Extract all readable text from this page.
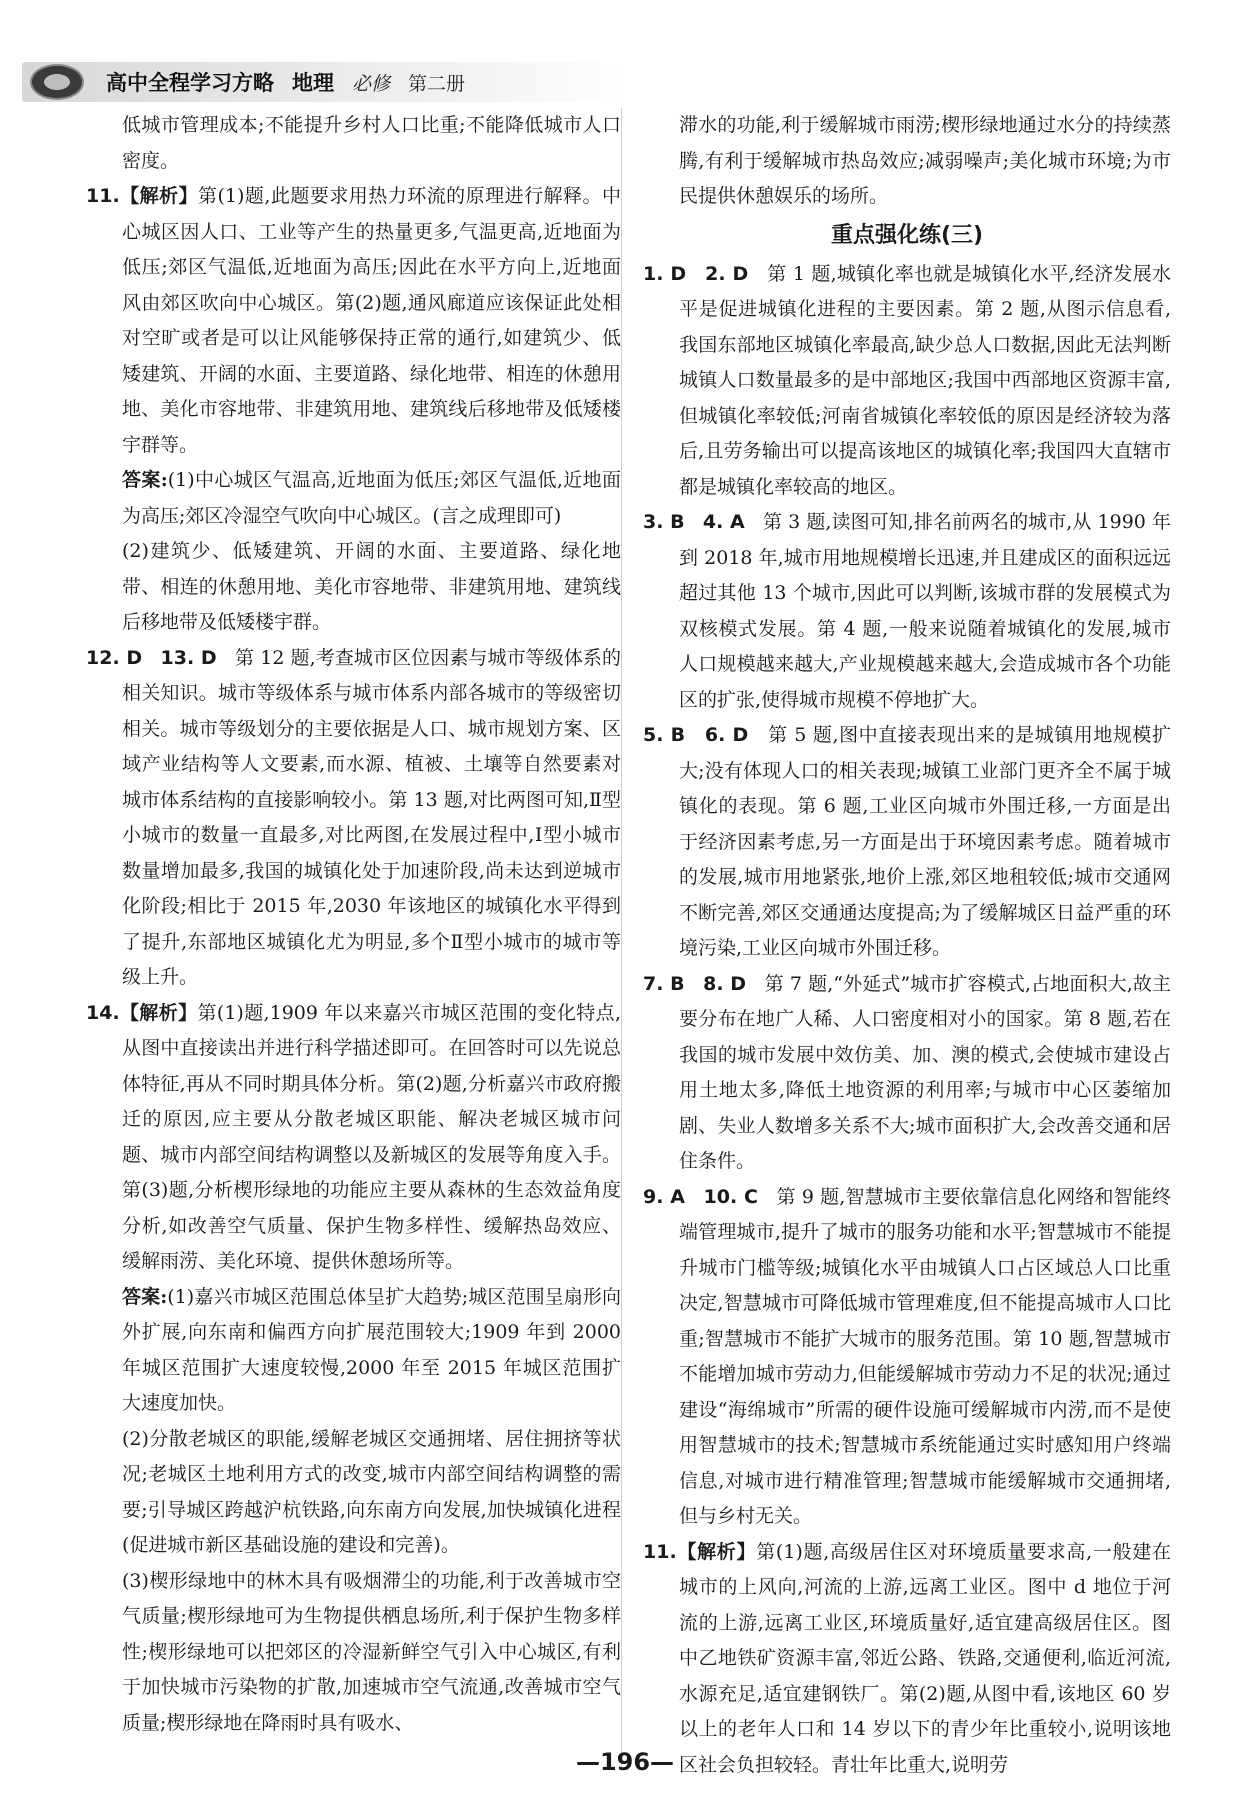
高中全程学习方略 地理 必修 第二册

低城市管理成本;不能提升乡村人口比重;不能降低城市人口密度。

11.【解析】第(1)题,此题要求用热力环流的原理进行解释。中心城区因人口、工业等产生的热量更多,气温更高,近地面为低压;郊区气温低,近地面为高压;因此在水平方向上,近地面风由郊区吹向中心城区。第(2)题,通风廊道应该保证此处相对空旷或者是可以让风能够保持正常的通行,如建筑少、低矮建筑、开阔的水面、主要道路、绿化地带、相连的休憩用地、美化市容地带、非建筑用地、建筑线后移地带及低矮楼宇群等。

答案:(1)中心城区气温高,近地面为低压;郊区气温低,近地面为高压;郊区冷湿空气吹向中心城区。(言之成理即可)

(2)建筑少、低矮建筑、开阔的水面、主要道路、绿化地带、相连的休憩用地、美化市容地带、非建筑用地、建筑线后移地带及低矮楼宇群。

12. D 13. D 第 12 题,考查城市区位因素与城市等级体系的相关知识。城市等级体系与城市体系内部各城市的等级密切相关。城市等级划分的主要依据是人口、城市规划方案、区域产业结构等人文要素,而水源、植被、土壤等自然要素对城市体系结构的直接影响较小。第 13 题,对比两图可知,Ⅱ型小城市的数量一直最多,对比两图,在发展过程中,Ⅰ型小城市数量增加最多,我国的城镇化处于加速阶段,尚未达到逆城市化阶段;相比于 2015 年,2030 年该地区的城镇化水平得到了提升,东部地区城镇化尤为明显,多个Ⅱ型小城市的城市等级上升。

14.【解析】第(1)题,1909 年以来嘉兴市城区范围的变化特点,从图中直接读出并进行科学描述即可。在回答时可以先说总体特征,再从不同时期具体分析。第(2)题,分析嘉兴市政府搬迁的原因,应主要从分散老城区职能、解决老城区城市问题、城市内部空间结构调整以及新城区的发展等角度入手。第(3)题,分析楔形绿地的功能应主要从森林的生态效益角度分析,如改善空气质量、保护生物多样性、缓解热岛效应、缓解雨涝、美化环境、提供休憩场所等。

答案:(1)嘉兴市城区范围总体呈扩大趋势;城区范围呈扇形向外扩展,向东南和偏西方向扩展范围较大;1909 年到 2000 年城区范围扩大速度较慢,2000 年至 2015 年城区范围扩大速度加快。

(2)分散老城区的职能,缓解老城区交通拥堵、居住拥挤等状况;老城区土地利用方式的改变,城市内部空间结构调整的需要;引导城区跨越沪杭铁路,向东南方向发展,加快城镇化进程(促进城市新区基础设施的建设和完善)。

(3)楔形绿地中的林木具有吸烟滞尘的功能,利于改善城市空气质量;楔形绿地可为生物提供栖息场所,利于保护生物多样性;楔形绿地可以把郊区的冷湿新鲜空气引入中心城区,有利于加快城市污染物的扩散,加速城市空气流通,改善城市空气质量;楔形绿地在降雨时具有吸水、

滞水的功能,利于缓解城市雨涝;楔形绿地通过水分的持续蒸腾,有利于缓解城市热岛效应;减弱噪声;美化城市环境;为市民提供休憩娱乐的场所。

重点强化练(三)

1. D 2. D 第 1 题,城镇化率也就是城镇化水平,经济发展水平是促进城镇化进程的主要因素。第 2 题,从图示信息看,我国东部地区城镇化率最高,缺少总人口数据,因此无法判断城镇人口数量最多的是中部地区;我国中西部地区资源丰富,但城镇化率较低;河南省城镇化率较低的原因是经济较为落后,且劳务输出可以提高该地区的城镇化率;我国四大直辖市都是城镇化率较高的地区。

3. B 4. A 第 3 题,读图可知,排名前两名的城市,从 1990 年到 2018 年,城市用地规模增长迅速,并且建成区的面积远远超过其他 13 个城市,因此可以判断,该城市群的发展模式为双核模式发展。第 4 题,一般来说随着城镇化的发展,城市人口规模越来越大,产业规模越来越大,会造成城市各个功能区的扩张,使得城市规模不停地扩大。

5. B 6. D 第 5 题,图中直接表现出来的是城镇用地规模扩大;没有体现人口的相关表现;城镇工业部门更齐全不属于城镇化的表现。第 6 题,工业区向城市外围迁移,一方面是出于经济因素考虑,另一方面是出于环境因素考虑。随着城市的发展,城市用地紧张,地价上涨,郊区地租较低;城市交通网不断完善,郊区交通通达度提高;为了缓解城区日益严重的环境污染,工业区向城市外围迁移。

7. B 8. D 第 7 题,“外延式”城市扩容模式,占地面积大,故主要分布在地广人稀、人口密度相对小的国家。第 8 题,若在我国的城市发展中效仿美、加、澳的模式,会使城市建设占用土地太多,降低土地资源的利用率;与城市中心区萎缩加剧、失业人数增多关系不大;城市面积扩大,会改善交通和居住条件。

9. A 10. C 第 9 题,智慧城市主要依靠信息化网络和智能终端管理城市,提升了城市的服务功能和水平;智慧城市不能提升城市门槛等级;城镇化水平由城镇人口占区域总人口比重决定,智慧城市可降低城市管理难度,但不能提高城市人口比重;智慧城市不能扩大城市的服务范围。第 10 题,智慧城市不能增加城市劳动力,但能缓解城市劳动力不足的状况;通过建设“海绵城市”所需的硬件设施可缓解城市内涝,而不是使用智慧城市的技术;智慧城市系统能通过实时感知用户终端信息,对城市进行精准管理;智慧城市能缓解城市交通拥堵,但与乡村无关。

11.【解析】第(1)题,高级居住区对环境质量要求高,一般建在城市的上风向,河流的上游,远离工业区。图中 d 地位于河流的上游,远离工业区,环境质量好,适宜建高级居住区。图中乙地铁矿资源丰富,邻近公路、铁路,交通便利,临近河流,水源充足,适宜建钢铁厂。第(2)题,从图中看,该地区 60 岁以上的老年人口和 14 岁以下的青少年比重较小,说明该地区社会负担较轻。青壮年比重大,说明劳

—196—
